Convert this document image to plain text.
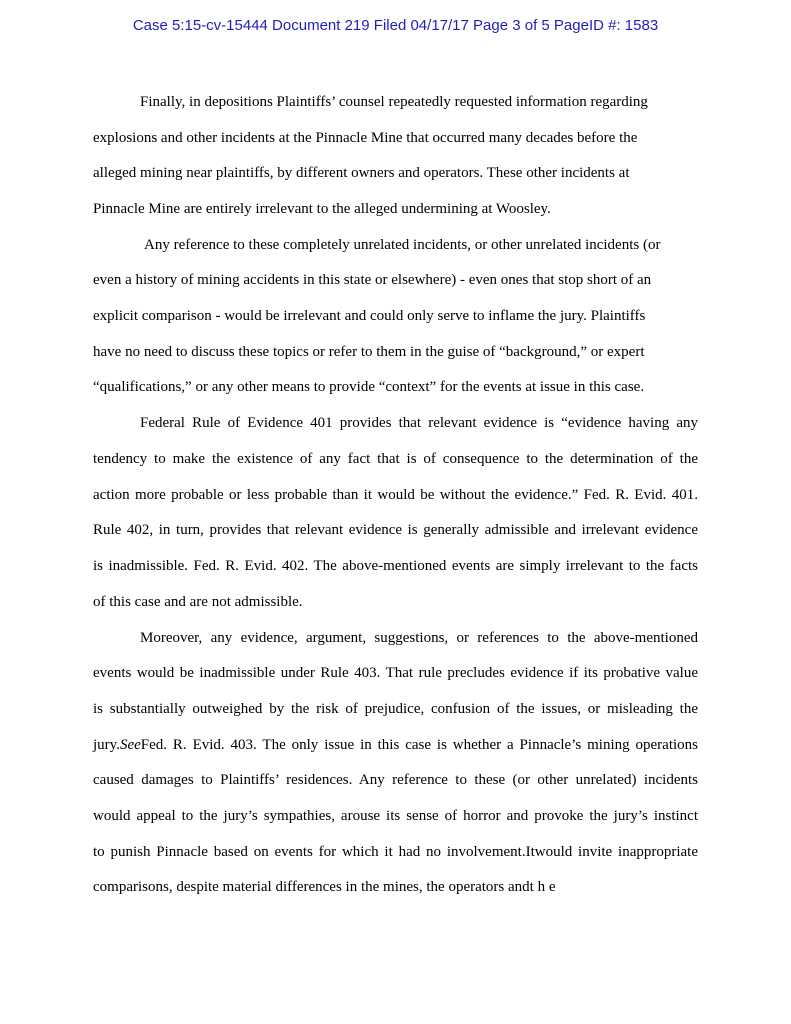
Case 5:15-cv-15444 Document 219 Filed 04/17/17 Page 3 of 5 PageID #: 1583
Finally, in depositions Plaintiffs’ counsel repeatedly requested information regarding
explosions and other incidents at the Pinnacle Mine that occurred many decades before the
alleged mining near plaintiffs, by different owners and operators. These other incidents at
Pinnacle Mine are entirely irrelevant to the alleged undermining at Woosley.
Any reference to these completely unrelated incidents, or other unrelated incidents (or
even a history of mining accidents in this state or elsewhere) - even ones that stop short of an
explicit comparison - would be irrelevant and could only serve to inflame the jury. Plaintiffs
have no need to discuss these topics or refer to them in the guise of “background,” or expert
“qualifications,” or any other means to provide “context” for the events at issue in this case.
Federal Rule of Evidence 401 provides that relevant evidence is “evidence having any
tendency to make the existence of any fact that is of consequence to the determination of the
action more probable or less probable than it would be without the evidence.” Fed. R. Evid. 401.
Rule 402, in turn, provides that relevant evidence is generally admissible and irrelevant evidence
is inadmissible. Fed. R. Evid. 402. The above-mentioned events are simply irrelevant to the facts
of this case and are not admissible.
Moreover, any evidence, argument, suggestions, or references to the above-mentioned
events would be inadmissible under Rule 403. That rule precludes evidence if its probative value
is substantially outweighed by the risk of prejudice, confusion of the issues, or misleading the
jury.SeeFed. R. Evid. 403. The only issue in this case is whether a Pinnacle’s mining operations
caused damages to Plaintiffs’ residences. Any reference to these (or other unrelated) incidents
would appeal to the jury’s sympathies, arouse its sense of horror and provoke the jury’s instinct
to punish Pinnacle based on events for which it had no involvement.Itwould invite inappropriate
comparisons, despite material differences in the mines, the operators andt h e
